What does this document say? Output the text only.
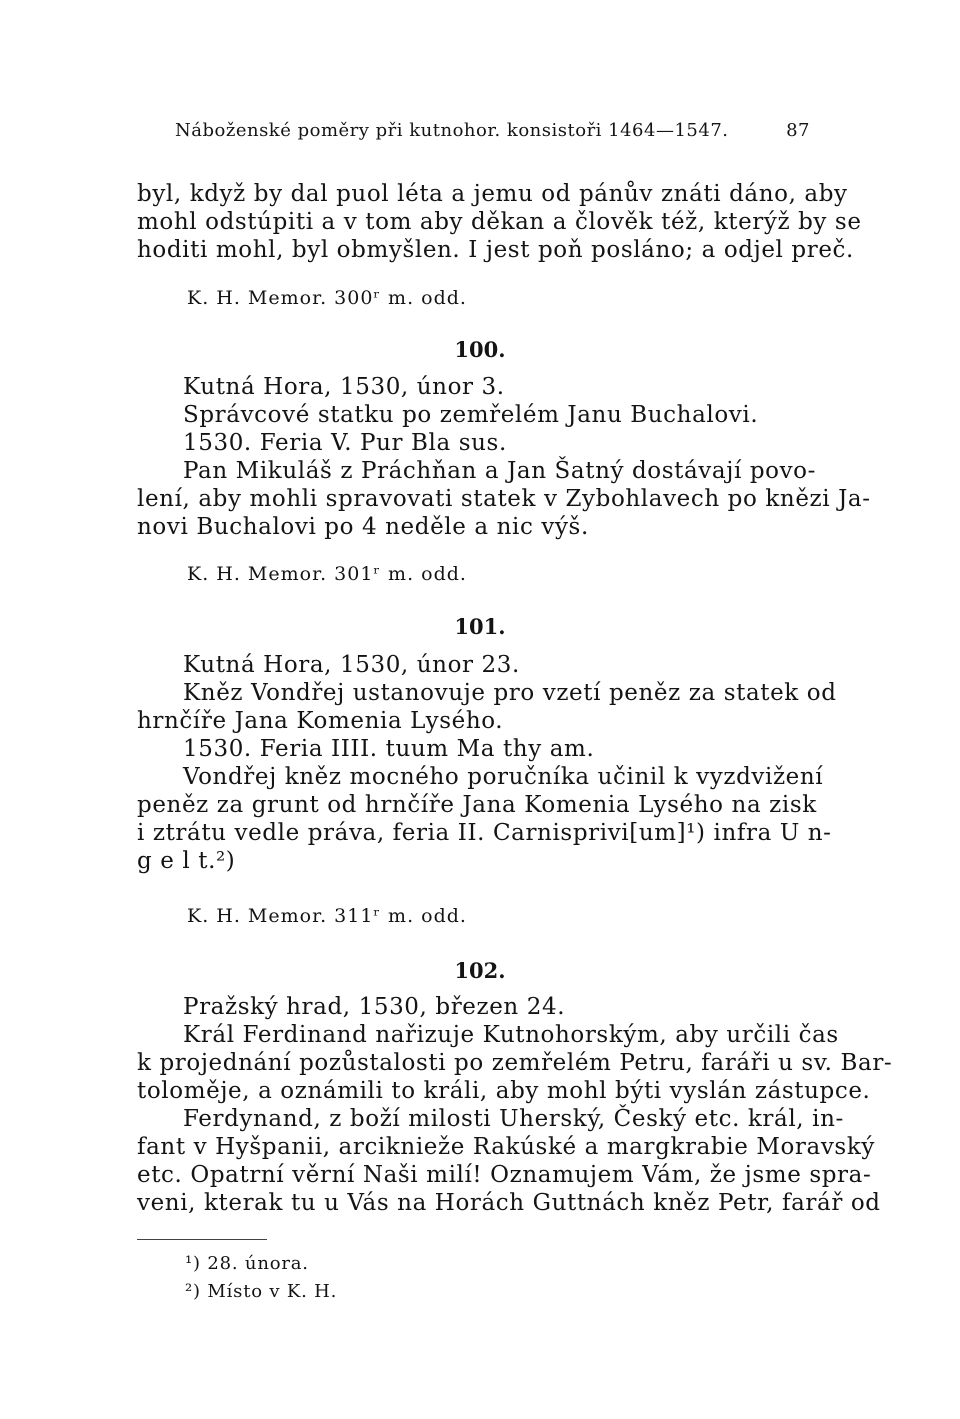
Náboženské poměry při kutnohor. konsistoři 1464—1547.	87
byl, když by dal puol léta a jemu od pánův znáti dáno, aby
mohl odstúpiti a v tom aby děkan a člověk též, kterýž by se
hoditi mohl, byl obmyšlen. I jest poň posláno; a odjel preč.
K. H. Memor. 300ʳ m. odd.
100.
Kutná Hora, 1530, únor 3.
Správcové statku po zemřelém Janu Buchalovi.
1530. Feria V. Pur Bla sus.
Pan Mikuláš z Práchňan a Jan Šatný dostávají povo-
lení, aby mohli spravovati statek v Zybohlavech po knězi Ja-
novi Buchalovi po 4 neděle a nic výš.
K. H. Memor. 301ʳ m. odd.
101.
Kutná Hora, 1530, únor 23.
Kněz Vondřej ustanovuje pro vzetí peněz za statek od
hrnčíře Jana Komenia Lysého.
1530. Feria IIII. tuum Ma thy am.
Vondřej kněz mocného poručníka učinil k vyzdvižení
peněz za grunt od hrnčíře Jana Komenia Lysého na zisk
i ztrátu vedle práva, feria II. Carnisprivi[um]¹) infra U n-
g e l t.²)
K. H. Memor. 311ʳ m. odd.
102.
Pražský hrad, 1530, březen 24.
Král Ferdinand nařizuje Kutnohorským, aby určili čas
k projednání pozůstalosti po zemřelém Petru, faráři u sv. Bar-
toloměje, a oznámili to králi, aby mohl býti vyslán zástupce.
Ferdynand, z boží milosti Uherský, Český etc. král, in-
fant v Hyšpanii, arcikniežе Rakúské a margkrabie Moravský
etc. Opatrní věrní Naši milí! Oznamujem Vám, že jsme spra-
veni, kterak tu u Vás na Horách Guttnách kněz Petr, farář od
¹) 28. února.
²) Místo v K. H.
